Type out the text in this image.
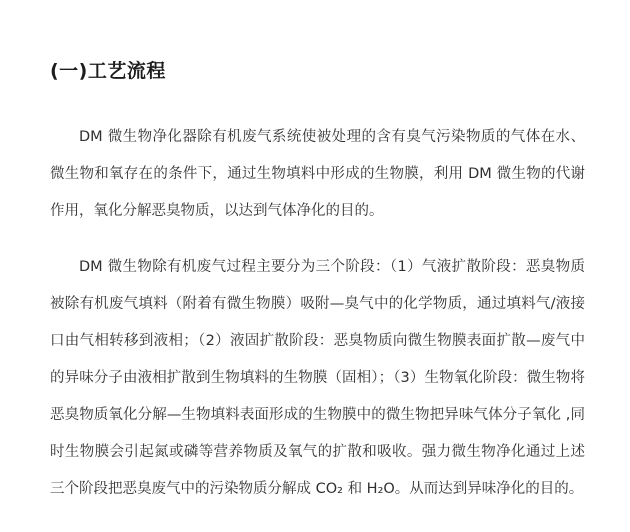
(一)工艺流程

DM 微生物净化器除有机废气系统使被处理的含有臭气污染物质的气体在水、微生物和氧存在的条件下，通过生物填料中形成的生物膜，利用 DM 微生物的代谢作用，氧化分解恶臭物质，以达到气体净化的目的。

DM 微生物除有机废气过程主要分为三个阶段：（1）气液扩散阶段：恶臭物质被除有机废气填料（附着有微生物膜）吸附—臭气中的化学物质，通过填料气/液接口由气相转移到液相；（2）液固扩散阶段：恶臭物质向微生物膜表面扩散—废气中的异味分子由液相扩散到生物填料的生物膜（固相）；（3）生物氧化阶段：微生物将恶臭物质氧化分解—生物填料表面形成的生物膜中的微生物把异味气体分子氧化 ,同时生物膜会引起氮或磷等营养物质及氧气的扩散和吸收。强力微生物净化通过上述三个阶段把恶臭废气中的污染物质分解成 CO₂ 和 H₂O。从而达到异味净化的目的。
